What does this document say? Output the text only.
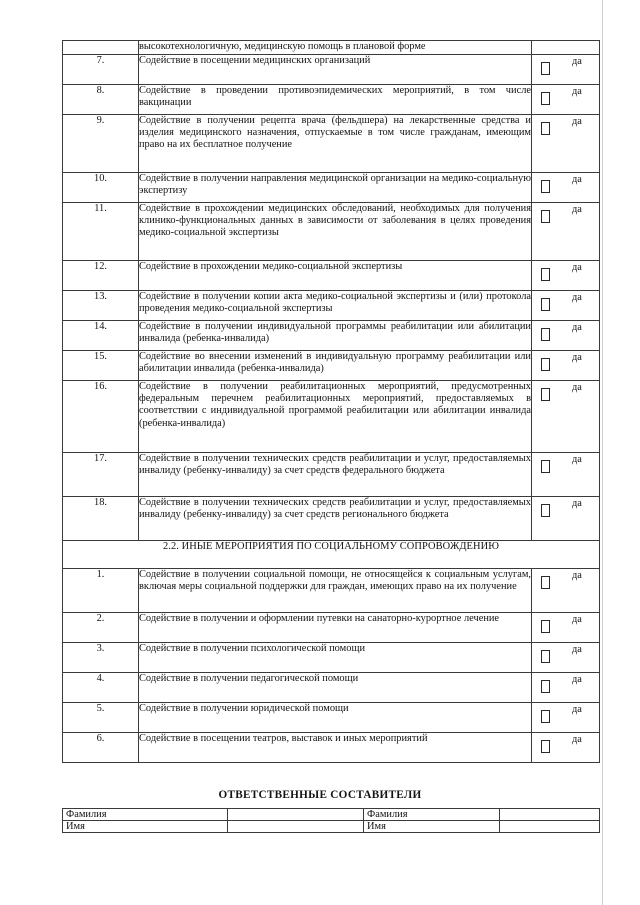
	высокотехнологичную, медицинскую помощь в плановой форме	
7.	Содействие в посещении медицинских организаций	да

8.	Содействие в проведении противоэпидемических мероприятий, в том числе вакцинации	да

9.	Содействие в получении рецепта врача (фельдшера) на лекарственные средства и изделия медицинского назначения, отпускаемые в том числе гражданам, имеющим право на их бесплатное получение	да

10.	Содействие в получении направления медицинской организации на медико-социальную экспертизу	да

11.	Содействие в прохождении медицинских обследований, необходимых для получения клинико-функциональных данных в зависимости от заболевания в целях проведения медико-социальной экспертизы	да

12.	Содействие в прохождении медико-социальной экспертизы	да

13.	Содействие в получении копии акта медико-социальной экспертизы и (или) протокола проведения медико-социальной экспертизы	да

14.	Содействие в получении индивидуальной программы реабилитации или абилитации инвалида (ребенка-инвалида)	да

15.	Содействие во внесении изменений в индивидуальную программу реабилитации или абилитации инвалида (ребенка-инвалида)	да

16.	Содействие в получении реабилитационных мероприятий, предусмотренных федеральным перечнем реабилитационных мероприятий, предоставляемых в соответствии с индивидуальной программой реабилитации или абилитации инвалида (ребенка-инвалида)	да

17.	Содействие в получении технических средств реабилитации и услуг, предоставляемых инвалиду (ребенку-инвалиду) за счет средств федерального бюджета	да

18.	Содействие в получении технических средств реабилитации и услуг, предоставляемых инвалиду (ребенку-инвалиду) за счет средств регионального бюджета	да

2.2. ИНЫЕ МЕРОПРИЯТИЯ ПО СОЦИАЛЬНОМУ СОПРОВОЖДЕНИЮ		
1.	Содействие в получении социальной помощи, не относящейся к социальным услугам, включая меры социальной поддержки для граждан, имеющих право на их получение	да

2.	Содействие в получении и оформлении путевки на санаторно-курортное лечение	да

3.	Содействие в получении психологической помощи	да

4.	Содействие в получении педагогической помощи	да

5.	Содействие в получении юридической помощи	да

6.	Содействие в посещении театров, выставок и иных мероприятий	да
ОТВЕТСТВЕННЫЕ СОСТАВИТЕЛИ
Фамилия		Фамилия	
Имя		Имя	
